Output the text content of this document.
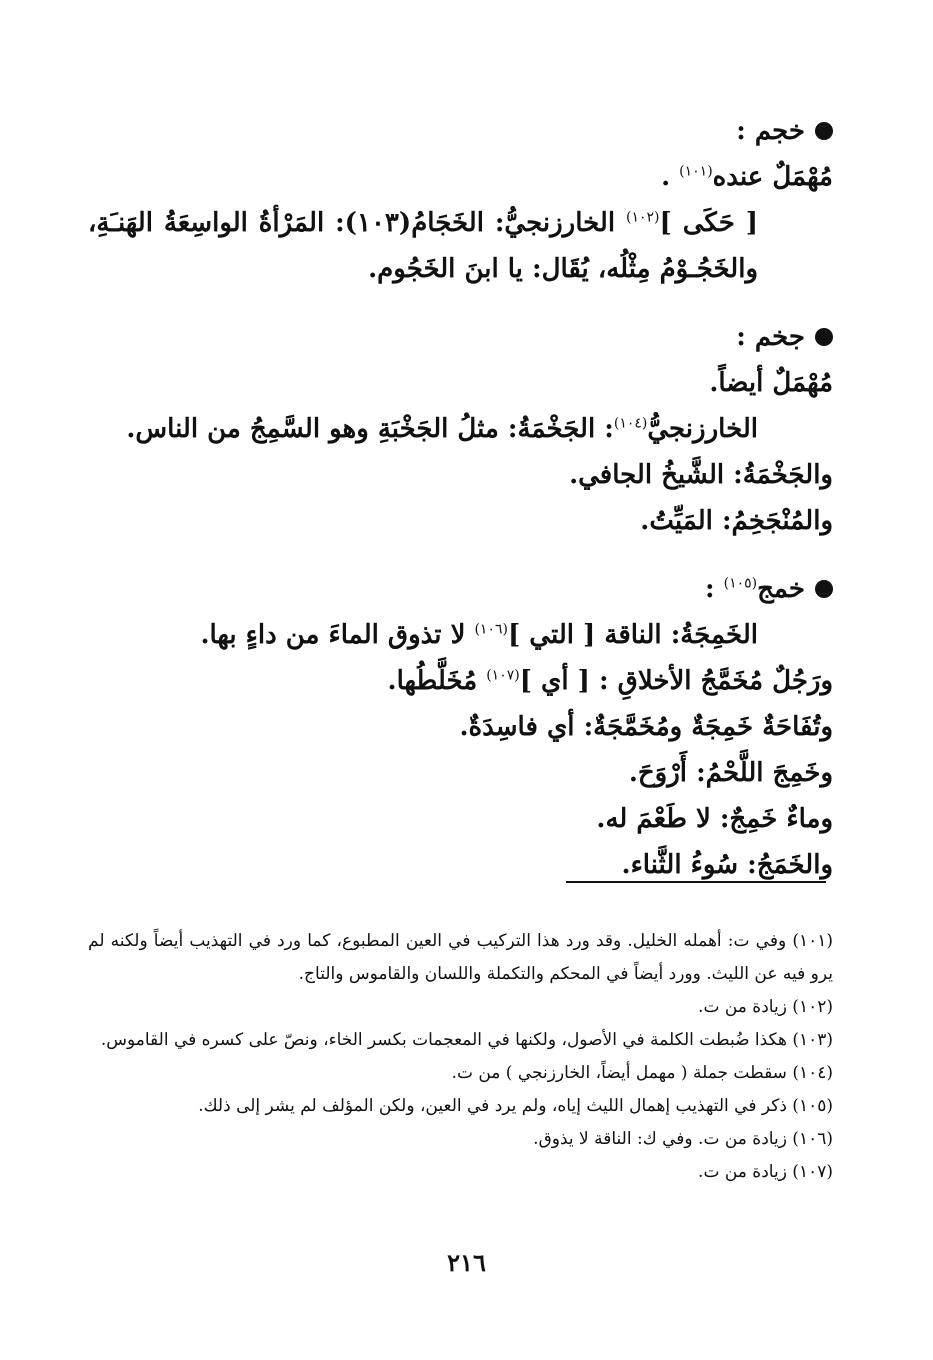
خجم :
مُهْمَلٌ عنده$^{(١٠١)}$ .
[ حَكَى ]$^{(١٠٢)}$ الخارزنجيُّ: الخَجَامُ(١٠٣): المَرْأةُ الواسِعَةُ الهَنـَةِ، والخَجُـوْمُ مِثْلُه، يُقَال: يا ابنَ الخَجُوم.
جخم :
مُهْمَلٌ أيضاً.
الخارزنجيُّ$^{(١٠٤)}$: الجَخْمَةُ: مثلُ الجَخْبَةِ وهو السَّمِجُ من الناس.
والجَخْمَةُ: الشَّيخُ الجافي.
والمُنْجَخِمُ: المَيِّتُ.
خمج$^{(١٠٥)}$ :
الخَمِجَةُ: الناقة [ التي ]$^{(١٠٦)}$ لا تذوق الماءَ من داءٍ بها.
ورَجُلٌ مُخَمَّجُ الأخلاقِ : [ أي ]$^{(١٠٧)}$ مُخَلَّطُها.
وتُفَاحَةٌ خَمِجَةٌ ومُخَمَّجَةٌ: أي فاسِدَةٌ.
وخَمِجَ اللَّحْمُ: أَرْوَحَ.
وماءٌ خَمِجٌ: لا طَعْمَ له.
والخَمَجُ: سُوءُ الثَّناء.
(١٠١) وفي ت: أهمله الخليل. وقد ورد هذا التركيب في العين المطبوع، كما ورد في التهذيب أيضاً ولكنه لم يرو فيه عن الليث. وورد أيضاً في المحكم والتكملة واللسان والقاموس والتاج.
(١٠٢) زيادة من ت.
(١٠٣) هكذا ضُبطت الكلمة في الأصول، ولكنها في المعجمات بكسر الخاء، ونصّ على كسره في القاموس.
(١٠٤) سقطت جملة ( مهمل أيضاً، الخارزنجي ) من ت.
(١٠٥) ذكر في التهذيب إهمال الليث إياه، ولم يرد في العين، ولكن المؤلف لم يشر إلى ذلك.
(١٠٦) زيادة من ت. وفي ك: الناقة لا يذوق.
(١٠٧) زيادة من ت.
٢١٦
